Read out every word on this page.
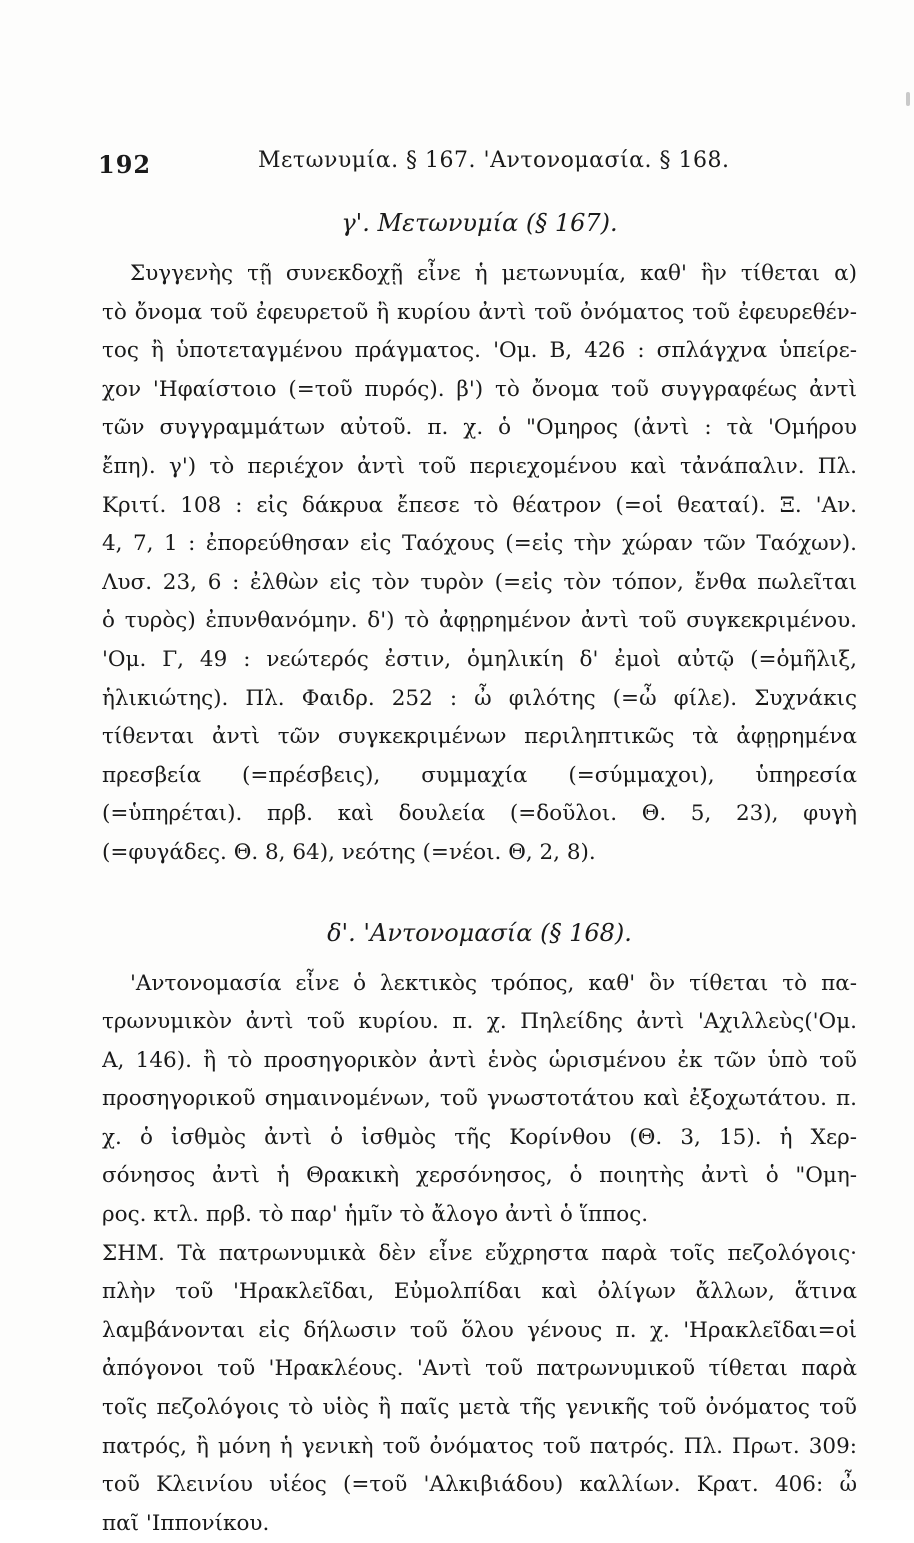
192	Μετωνυμία. § 167. 'Αντονομασία. § 168.
γ'. Μετωνυμία (§ 167).
Συγγενὴς τῇ συνεκδοχῇ εἶνε ἡ μετωνυμία, καθ' ἣν τίθεται α)
τὸ ὄνομα τοῦ ἐφευρετοῦ ἢ κυρίου ἀντὶ τοῦ ὀνόματος τοῦ ἐφευρεθέν-
τος ἢ ὑποτεταγμένου πράγματος. 'Ομ. Β, 426 : σπλάγχνα ὑπείρε-
χον 'Ηφαίστοιο (=τοῦ πυρός). β') τὸ ὄνομα τοῦ συγγραφέως ἀντὶ
τῶν συγγραμμάτων αὐτοῦ. π. χ. ὁ "Ομηρος (ἀντὶ : τὰ 'Ομήρου
ἔπη). γ') τὸ περιέχον ἀντὶ τοῦ περιεχομένου καὶ τἀνάπαλιν. Πλ.
Κριτί. 108 : εἰς δάκρυα ἔπεσε τὸ θέατρον (=οἱ θεαταί). Ξ. 'Αν.
4, 7, 1 : ἐπορεύθησαν εἰς Ταόχους (=εἰς τὴν χώραν τῶν Ταόχων).
Λυσ. 23, 6 : ἐλθὼν εἰς τὸν τυρὸν (=εἰς τὸν τόπον, ἔνθα πωλεῖται
ὁ τυρὸς) ἐπυνθανόμην. δ') τὸ ἀφῃρημένον ἀντὶ τοῦ συγκεκριμένου.
'Ομ. Γ, 49 : νεώτερός ἐστιν, ὁμηλικίη δ' ἐμοὶ αὐτῷ (=ὁμῆλιξ,
ἡλικιώτης). Πλ. Φαιδρ. 252 : ὦ φιλότης (=ὦ φίλε). Συχνάκις
τίθενται ἀντὶ τῶν συγκεκριμένων περιληπτικῶς τὰ ἀφῃρημένα
πρεσβεία (=πρέσβεις), συμμαχία (=σύμμαχοι), ὑπηρεσία
(=ὑπηρέται). πρβ. καὶ δουλεία (=δοῦλοι. Θ. 5, 23), φυγὴ
(=φυγάδες. Θ. 8, 64), νεότης (=νέοι. Θ, 2, 8).
δ'. 'Αντονομασία (§ 168).
'Αντονομασία εἶνε ὁ λεκτικὸς τρόπος, καθ' ὃν τίθεται τὸ πα-
τρωνυμικὸν ἀντὶ τοῦ κυρίου. π. χ. Πηλείδης ἀντὶ 'Αχιλλεὺς('Ομ.
Α, 146). ἢ τὸ προσηγορικὸν ἀντὶ ἑνὸς ὡρισμένου ἐκ τῶν ὑπὸ τοῦ
προσηγορικοῦ σημαινομένων, τοῦ γνωστοτάτου καὶ ἐξοχωτάτου. π.
χ. ὁ ἰσθμὸς ἀντὶ ὁ ἰσθμὸς τῆς Κορίνθου (Θ. 3, 15). ἡ Χερ-
σόνησος ἀντὶ ἡ Θρακικὴ χερσόνησος, ὁ ποιητὴς ἀντὶ ὁ "Ομη-
ρος. κτλ. πρβ. τὸ παρ' ἡμῖν τὸ ἄλογο ἀντὶ ὁ ἵππος.
ΣΗΜ. Τὰ πατρωνυμικὰ δὲν εἶνε εὔχρηστα παρὰ τοῖς πεζολόγοις·
πλὴν τοῦ 'Ηρακλεῖδαι, Εὐμολπίδαι καὶ ὀλίγων ἄλλων, ἅτινα
λαμβάνονται εἰς δήλωσιν τοῦ ὅλου γένους π. χ. 'Ηρακλεῖδαι=οἱ
ἀπόγονοι τοῦ 'Ηρακλέους. 'Αντὶ τοῦ πατρωνυμικοῦ τίθεται παρὰ
τοῖς πεζολόγοις τὸ υἱὸς ἢ παῖς μετὰ τῆς γενικῆς τοῦ ὀνόματος τοῦ
πατρός, ἢ μόνη ἡ γενικὴ τοῦ ὀνόματος τοῦ πατρός. Πλ. Πρωτ. 309:
τοῦ Κλεινίου υἱέος (=τοῦ 'Αλκιβιάδου) καλλίων. Κρατ. 406: ὦ
παῖ 'Ιππονίκου.
